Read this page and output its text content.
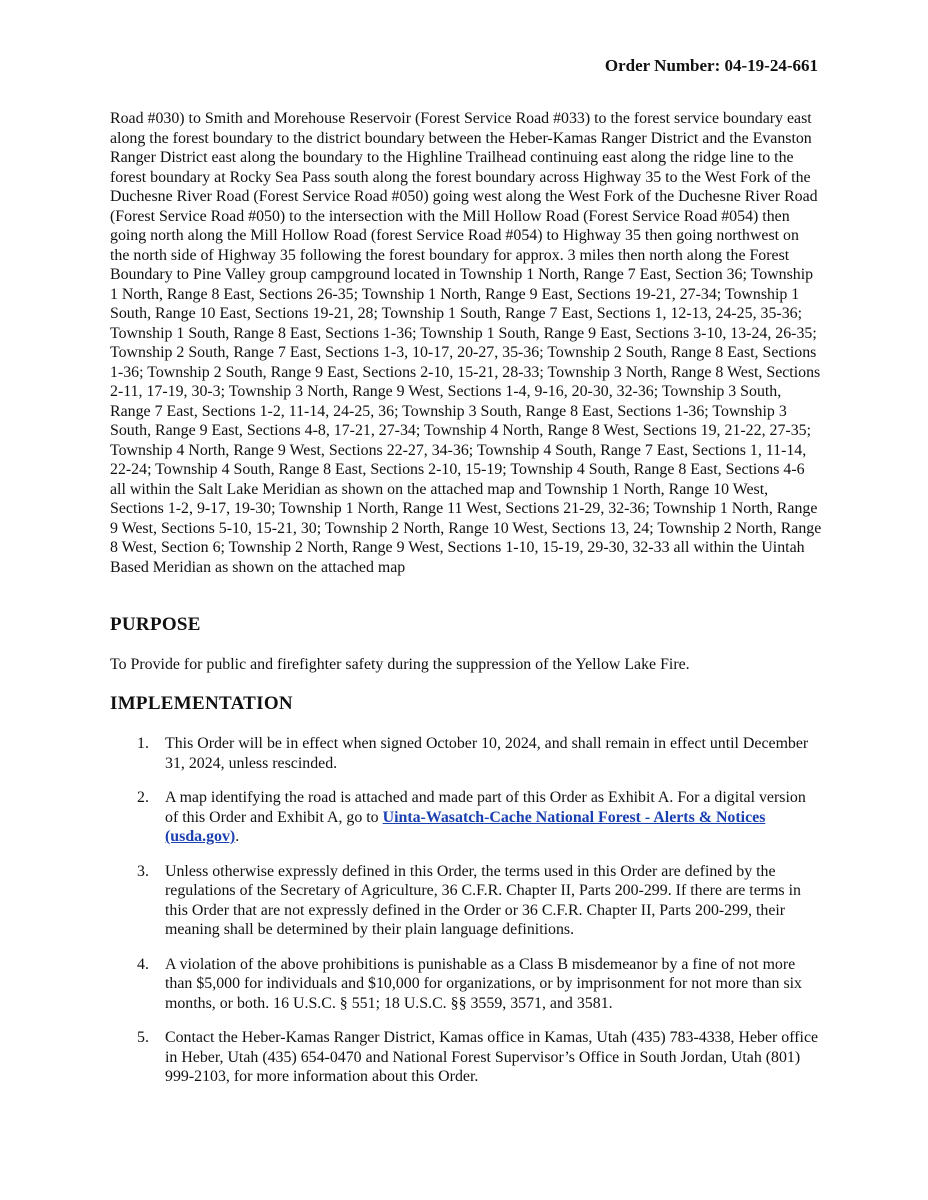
Order Number: 04-19-24-661

Road #030) to Smith and Morehouse Reservoir (Forest Service Road #033) to the forest service boundary east along the forest boundary to the district boundary between the Heber-Kamas Ranger District and the Evanston Ranger District east along the boundary to the Highline Trailhead continuing east along the ridge line to the forest boundary at Rocky Sea Pass south along the forest boundary across Highway 35 to the West Fork of the Duchesne River Road (Forest Service Road #050) going west along the West Fork of the Duchesne River Road (Forest Service Road #050) to the intersection with the Mill Hollow Road (Forest Service Road #054) then going north along the Mill Hollow Road (forest Service Road #054) to Highway 35 then going northwest on the north side of Highway 35 following the forest boundary for approx. 3 miles then north along the Forest Boundary to Pine Valley group campground located in Township 1 North, Range 7 East, Section 36; Township 1 North, Range 8 East, Sections 26-35; Township 1 North, Range 9 East, Sections 19-21, 27-34; Township 1 South, Range 10 East, Sections 19-21, 28; Township 1 South, Range 7 East, Sections 1, 12-13, 24-25, 35-36; Township 1 South, Range 8 East, Sections 1-36; Township 1 South, Range 9 East, Sections 3-10, 13-24, 26-35; Township 2 South, Range 7 East, Sections 1-3, 10-17, 20-27, 35-36; Township 2 South, Range 8 East, Sections 1-36; Township 2 South, Range 9 East, Sections 2-10, 15-21, 28-33; Township 3 North, Range 8 West, Sections 2-11, 17-19, 30-3; Township 3 North, Range 9 West, Sections 1-4, 9-16, 20-30, 32-36; Township 3 South, Range 7 East, Sections 1-2, 11-14, 24-25, 36; Township 3 South, Range 8 East, Sections 1-36; Township 3 South, Range 9 East, Sections 4-8, 17-21, 27-34; Township 4 North, Range 8 West, Sections 19, 21-22, 27-35; Township 4 North, Range 9 West, Sections 22-27, 34-36; Township 4 South, Range 7 East, Sections 1, 11-14, 22-24; Township 4 South, Range 8 East, Sections 2-10, 15-19; Township 4 South, Range 8 East, Sections 4-6 all within the Salt Lake Meridian as shown on the attached map and Township 1 North, Range 10 West, Sections 1-2, 9-17, 19-30; Township 1 North, Range 11 West, Sections 21-29, 32-36; Township 1 North, Range 9 West, Sections 5-10, 15-21, 30; Township 2 North, Range 10 West, Sections 13, 24; Township 2 North, Range 8 West, Section 6; Township 2 North, Range 9 West, Sections 1-10, 15-19, 29-30, 32-33 all within the Uintah Based Meridian as shown on the attached map

PURPOSE

To Provide for public and firefighter safety during the suppression of the Yellow Lake Fire.

IMPLEMENTATION
1. This Order will be in effect when signed October 10, 2024, and shall remain in effect until December 31, 2024, unless rescinded.
2. A map identifying the road is attached and made part of this Order as Exhibit A. For a digital version of this Order and Exhibit A, go to Uinta-Wasatch-Cache National Forest - Alerts & Notices (usda.gov).
3. Unless otherwise expressly defined in this Order, the terms used in this Order are defined by the regulations of the Secretary of Agriculture, 36 C.F.R. Chapter II, Parts 200-299. If there are terms in this Order that are not expressly defined in the Order or 36 C.F.R. Chapter II, Parts 200-299, their meaning shall be determined by their plain language definitions.
4. A violation of the above prohibitions is punishable as a Class B misdemeanor by a fine of not more than $5,000 for individuals and $10,000 for organizations, or by imprisonment for not more than six months, or both. 16 U.S.C. § 551; 18 U.S.C. §§ 3559, 3571, and 3581.
5. Contact the Heber-Kamas Ranger District, Kamas office in Kamas, Utah (435) 783-4338, Heber office in Heber, Utah (435) 654-0470 and National Forest Supervisor’s Office in South Jordan, Utah (801) 999-2103, for more information about this Order.
